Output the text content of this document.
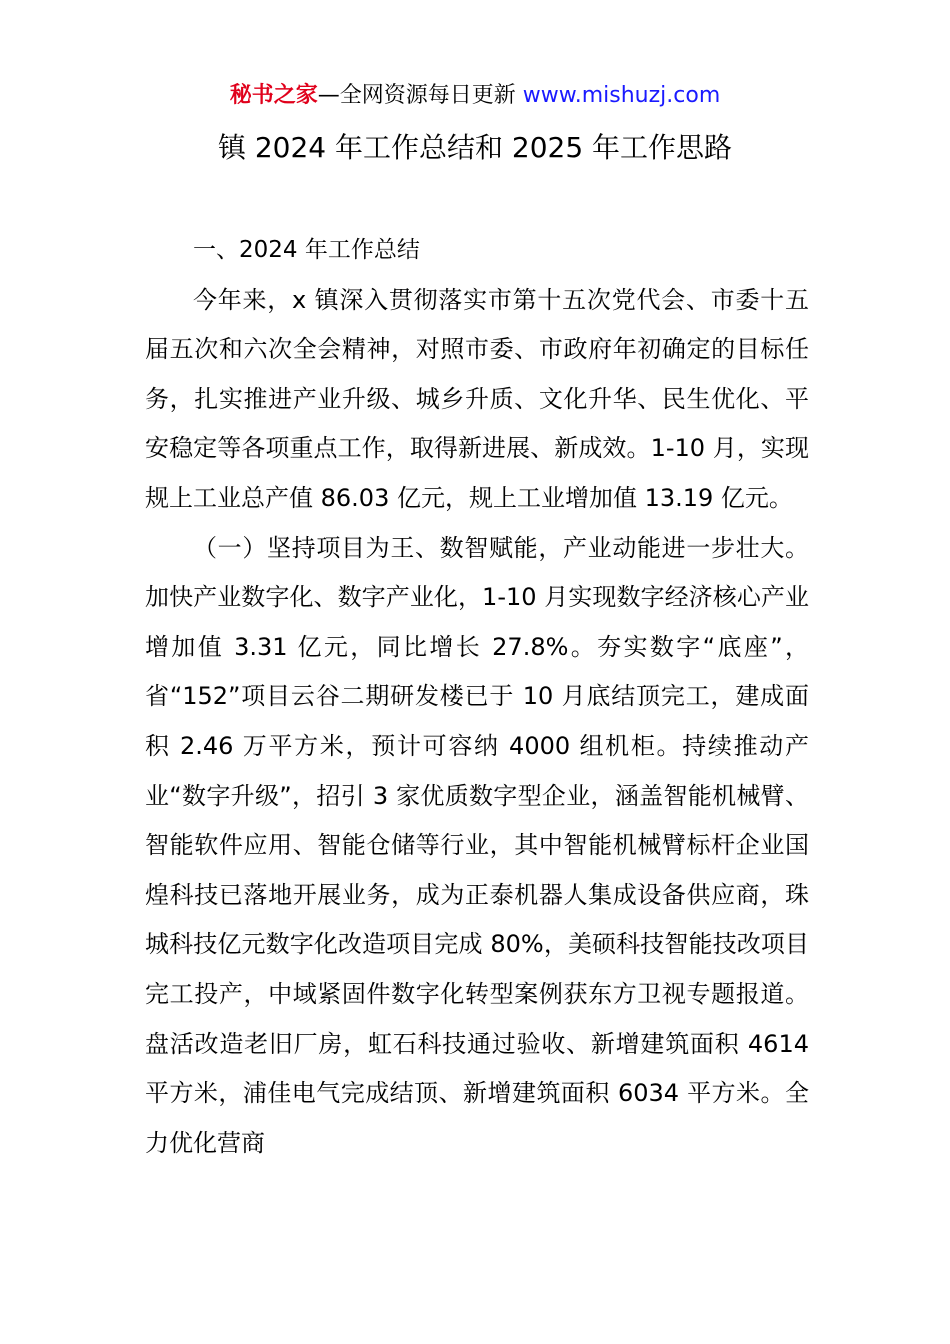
秘书之家—全网资源每日更新 www.mishuzj.com
镇 2024 年工作总结和 2025 年工作思路

一、2024 年工作总结

今年来，x 镇深入贯彻落实市第十五次党代会、市委十五届五次和六次全会精神，对照市委、市政府年初确定的目标任务，扎实推进产业升级、城乡升质、文化升华、民生优化、平安稳定等各项重点工作，取得新进展、新成效。1-10 月，实现规上工业总产值 86.03 亿元，规上工业增加值 13.19 亿元。

（一）坚持项目为王、数智赋能，产业动能进一步壮大。加快产业数字化、数字产业化，1-10 月实现数字经济核心产业增加值 3.31 亿元，同比增长 27.8%。夯实数字“底座”，省“152”项目云谷二期研发楼已于 10 月底结顶完工，建成面积 2.46 万平方米，预计可容纳 4000 组机柜。持续推动产业“数字升级”，招引 3 家优质数字型企业，涵盖智能机械臂、智能软件应用、智能仓储等行业，其中智能机械臂标杆企业国煌科技已落地开展业务，成为正泰机器人集成设备供应商，珠城科技亿元数字化改造项目完成 80%，美硕科技智能技改项目完工投产，中域紧固件数字化转型案例获东方卫视专题报道。盘活改造老旧厂房，虹石科技通过验收、新增建筑面积 4614 平方米，浦佳电气完成结顶、新增建筑面积 6034 平方米。全力优化营商
